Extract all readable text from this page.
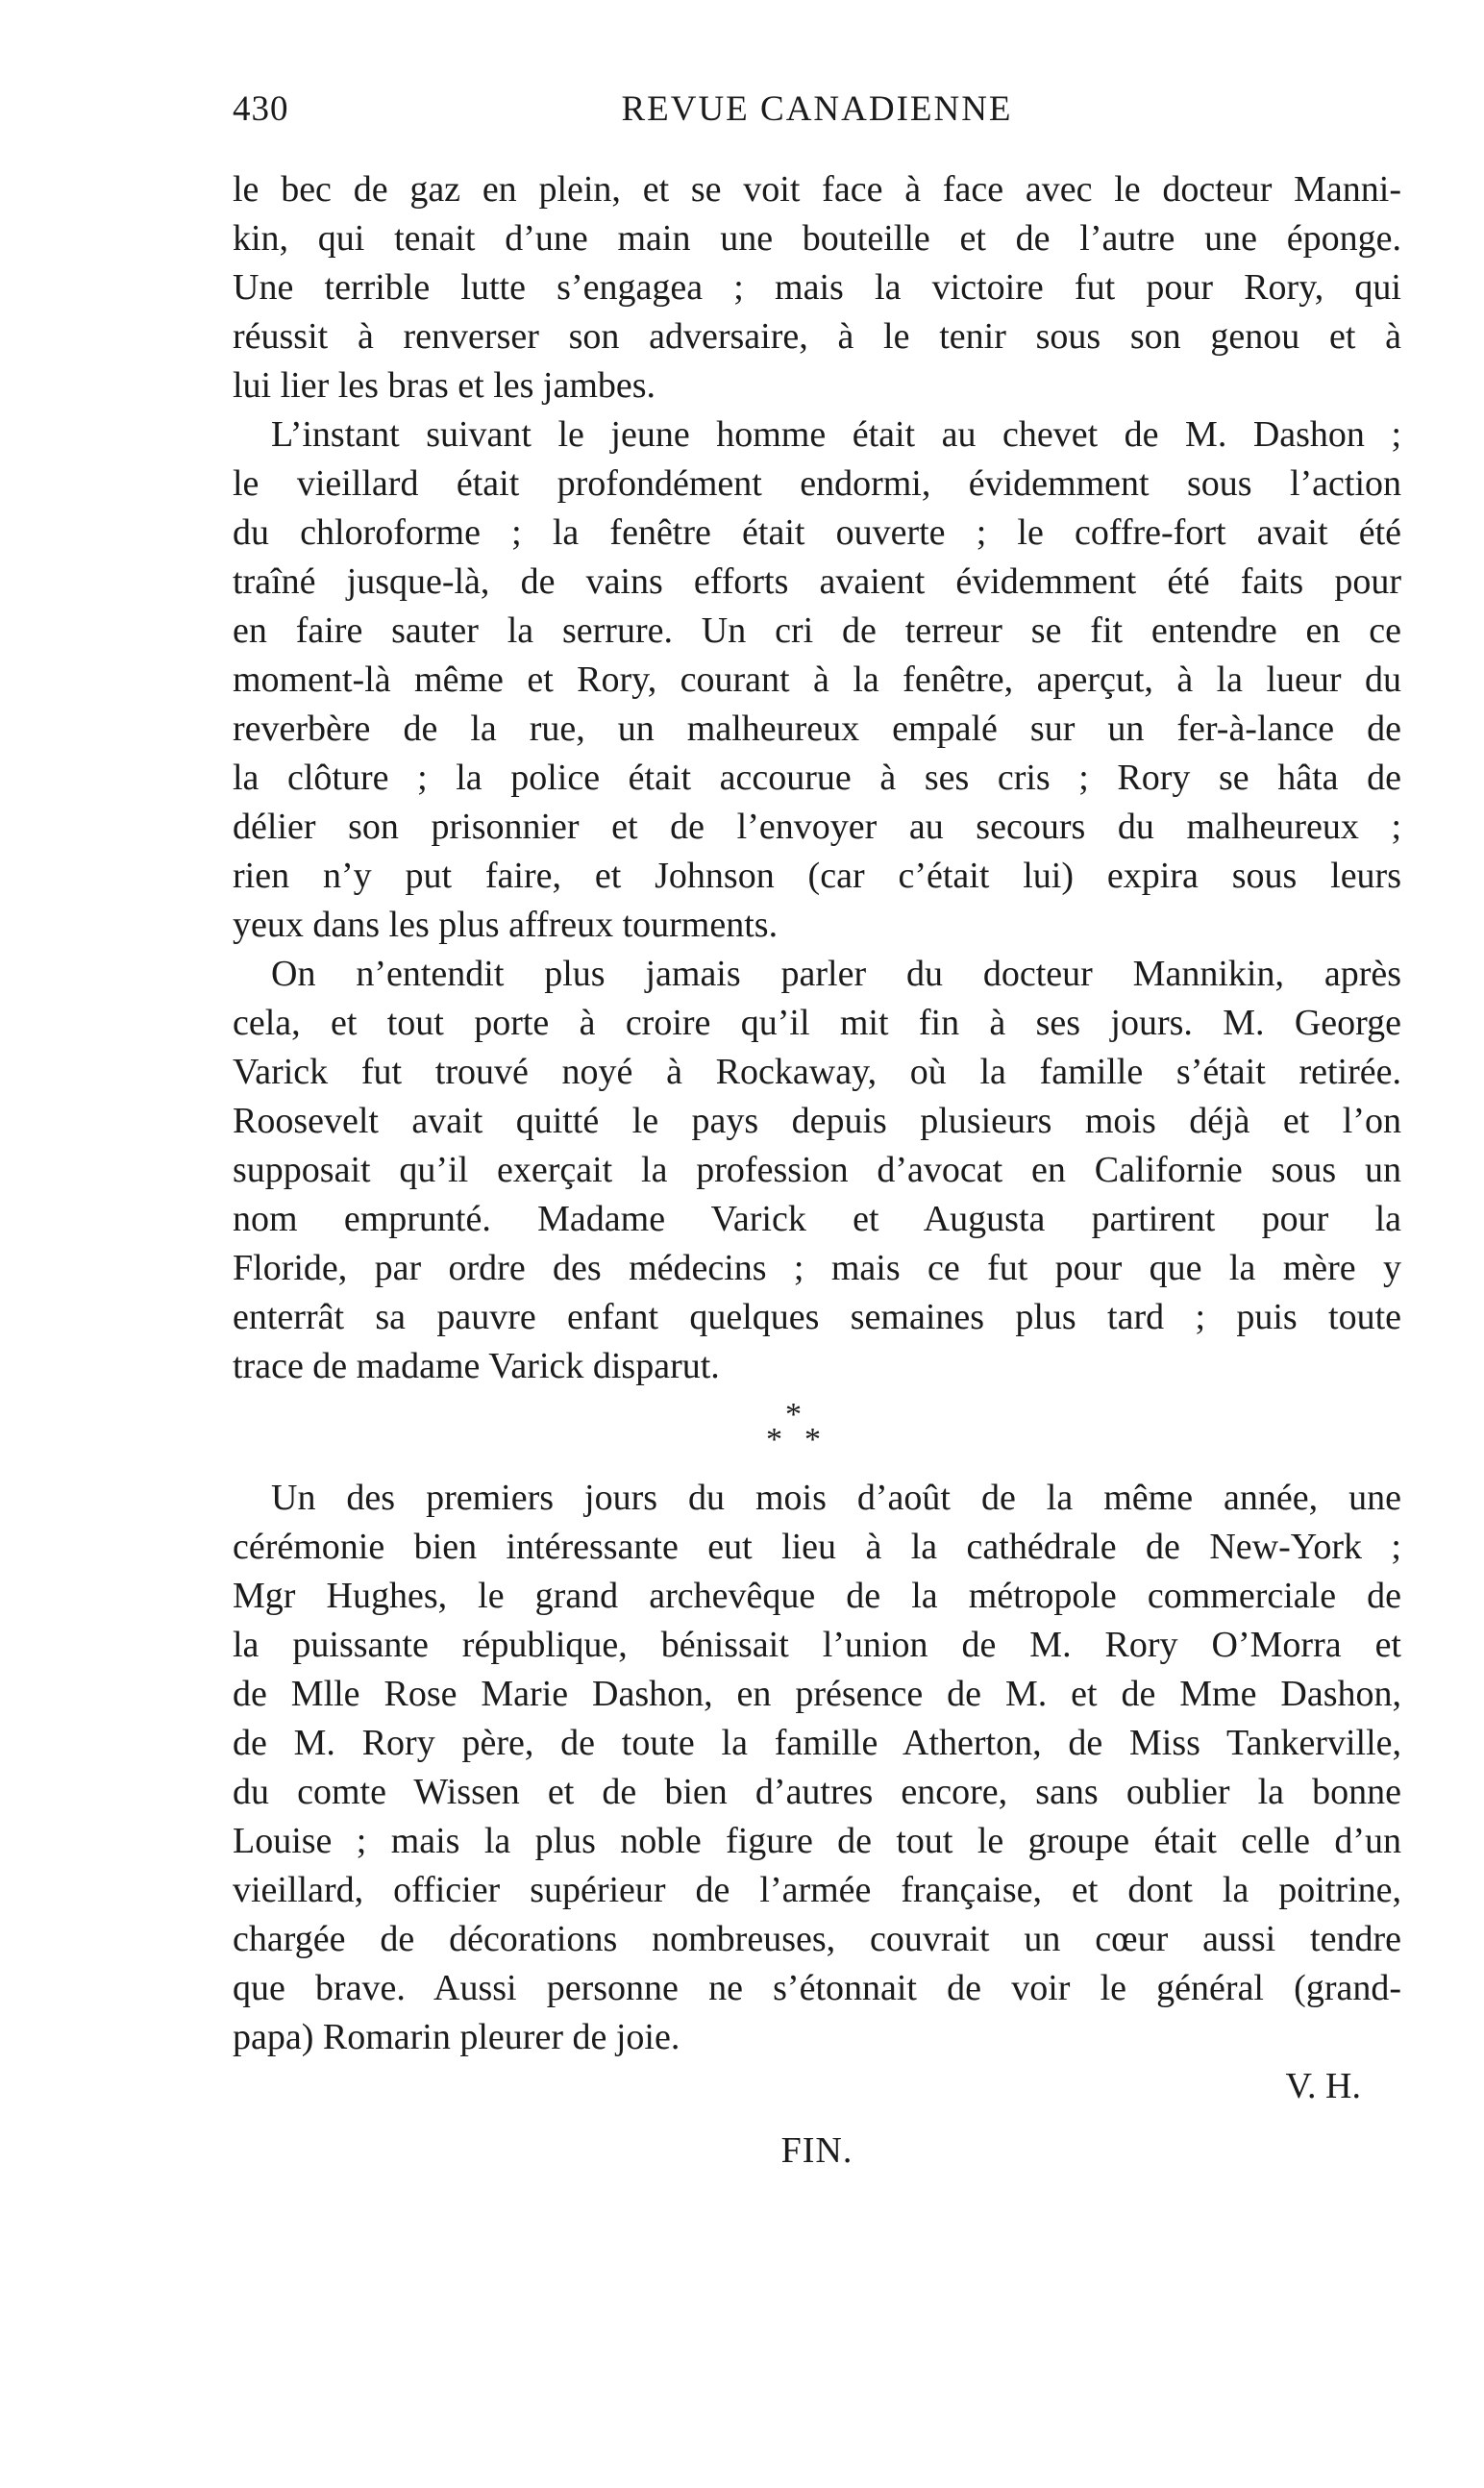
430	REVUE CANADIENNE
le bec de gaz en plein, et se voit face à face avec le docteur Manni-
kin, qui tenait d’une main une bouteille et de l’autre une éponge.
Une terrible lutte s’engagea ; mais la victoire fut pour Rory, qui
réussit à renverser son adversaire, à le tenir sous son genou et à
lui lier les bras et les jambes.
L’instant suivant le jeune homme était au chevet de M. Dashon ;
le vieillard était profondément endormi, évidemment sous l’action
du chloroforme ; la fenêtre était ouverte ; le coffre-fort avait été
traîné jusque-là, de vains efforts avaient évidemment été faits pour
en faire sauter la serrure. Un cri de terreur se fit entendre en ce
moment-là même et Rory, courant à la fenêtre, aperçut, à la lueur du
reverbère de la rue, un malheureux empalé sur un fer-à-lance de
la clôture ; la police était accourue à ses cris ; Rory se hâta de
délier son prisonnier et de l’envoyer au secours du malheureux ;
rien n’y put faire, et Johnson (car c’était lui) expira sous leurs
yeux dans les plus affreux tourments.
On n’entendit plus jamais parler du docteur Mannikin, après
cela, et tout porte à croire qu’il mit fin à ses jours. M. George
Varick fut trouvé noyé à Rockaway, où la famille s’était retirée.
Roosevelt avait quitté le pays depuis plusieurs mois déjà et l’on
supposait qu’il exerçait la profession d’avocat en Californie sous un
nom emprunté. Madame Varick et Augusta partirent pour la
Floride, par ordre des médecins ; mais ce fut pour que la mère y
enterrât sa pauvre enfant quelques semaines plus tard ; puis toute
trace de madame Varick disparut.
*
* *
Un des premiers jours du mois d’août de la même année, une
cérémonie bien intéressante eut lieu à la cathédrale de New-York ;
Mgr Hughes, le grand archevêque de la métropole commerciale de
la puissante république, bénissait l’union de M. Rory O’Morra et
de Mlle Rose Marie Dashon, en présence de M. et de Mme Dashon,
de M. Rory père, de toute la famille Atherton, de Miss Tankerville,
du comte Wissen et de bien d’autres encore, sans oublier la bonne
Louise ; mais la plus noble figure de tout le groupe était celle d’un
vieillard, officier supérieur de l’armée française, et dont la poitrine,
chargée de décorations nombreuses, couvrait un cœur aussi tendre
que brave. Aussi personne ne s’étonnait de voir le général (grand-
papa) Romarin pleurer de joie.
V. H.
FIN.
